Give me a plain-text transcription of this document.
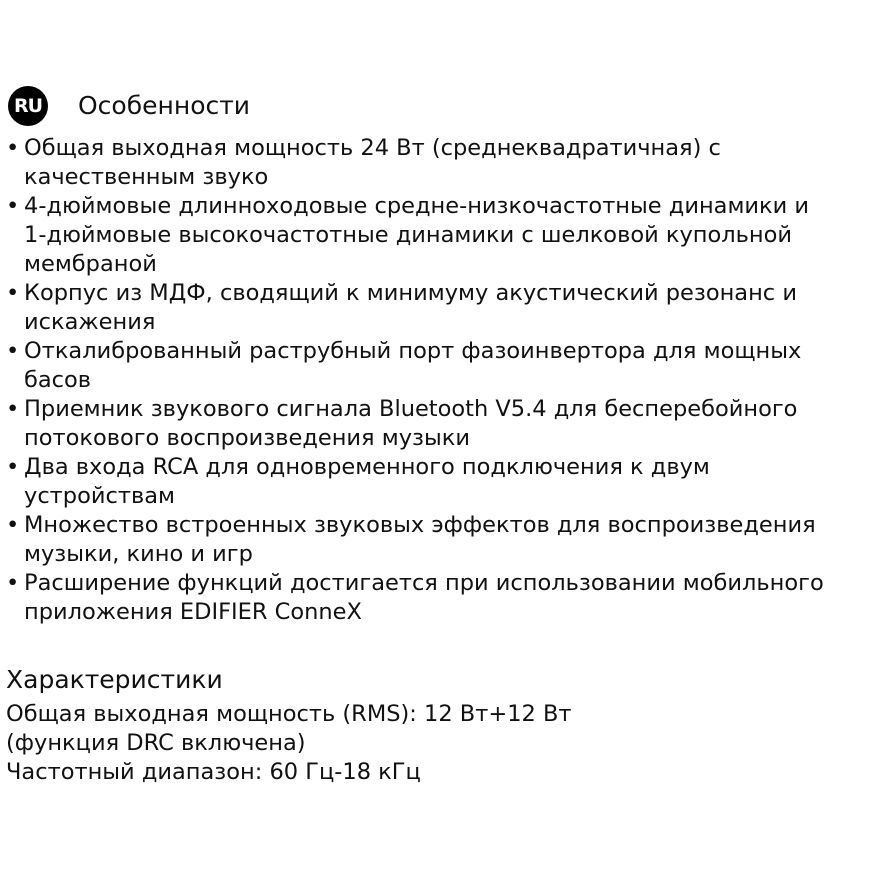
RU Особенности
• Общая выходная мощность 24 Вт (среднеквадратичная) с
качественным звуко
• 4-дюймовые длинноходовые средне-низкочастотные динамики и
1-дюймовые высокочастотные динамики с шелковой купольной
мембраной
• Корпус из МДФ, сводящий к минимуму акустический резонанс и
искажения
• Откалиброванный раструбный порт фазоинвертора для мощных
басов
• Приемник звукового сигнала Bluetooth V5.4 для бесперебойного
потокового воспроизведения музыки
• Два входа RCA для одновременного подключения к двум
устройствам
• Множество встроенных звуковых эффектов для воспроизведения
музыки, кино и игр
• Расширение функций достигается при использовании мобильного
приложения EDIFIER ConneX
Характеристики
Общая выходная мощность (RMS): 12 Вт+12 Вт
(функция DRC включена)
Частотный диапазон: 60 Гц-18 кГц
